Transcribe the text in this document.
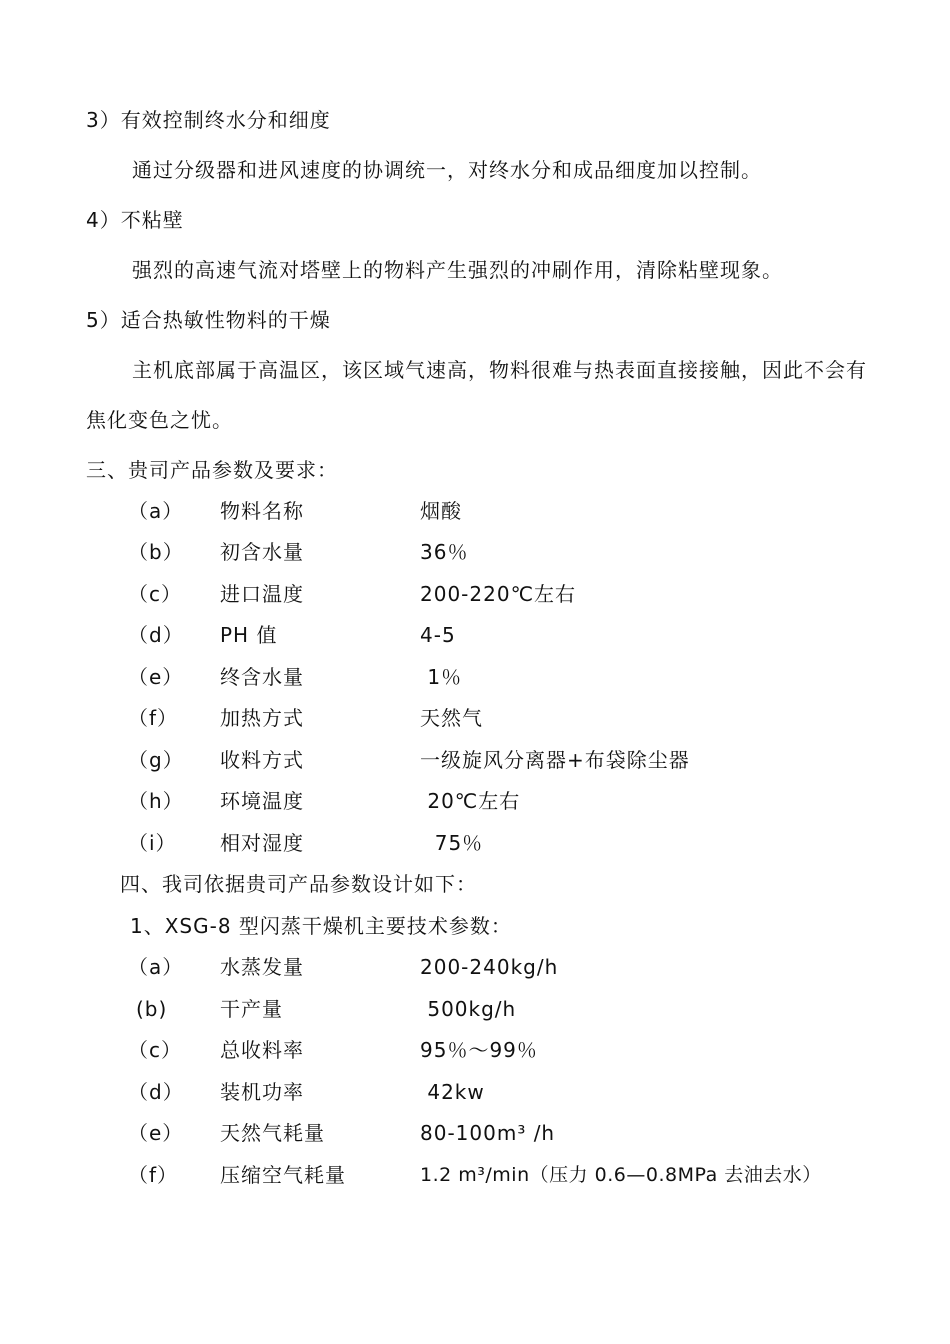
3）有效控制终水分和细度
通过分级器和进风速度的协调统一，对终水分和成品细度加以控制。
4）不粘壁
强烈的高速气流对塔壁上的物料产生强烈的冲刷作用，清除粘壁现象。
5）适合热敏性物料的干燥
主机底部属于高温区，该区域气速高，物料很难与热表面直接接触，因此不会有
焦化变色之忧。
三、贵司产品参数及要求：
（a） 物料名称	烟酸
（b） 初含水量	36％
（c） 进口温度	200-220℃左右
（d） PH 值	4-5
（e） 终含水量	1％
（f） 加热方式	天然气
（g） 收料方式	一级旋风分离器+布袋除尘器
（h） 环境温度	20℃左右
（i） 相对湿度	75％
四、我司依据贵司产品参数设计如下：
1、XSG-8 型闪蒸干燥机主要技术参数：
（a） 水蒸发量	200-240kg/h
(b)	干产量	500kg/h
（c） 总收料率	95％～99％
（d） 装机功率	42kw
（e） 天然气耗量	80-100m³ /h
（f） 压缩空气耗量	1.2 m³/min（压力 0.6—0.8MPa 去油去水）
